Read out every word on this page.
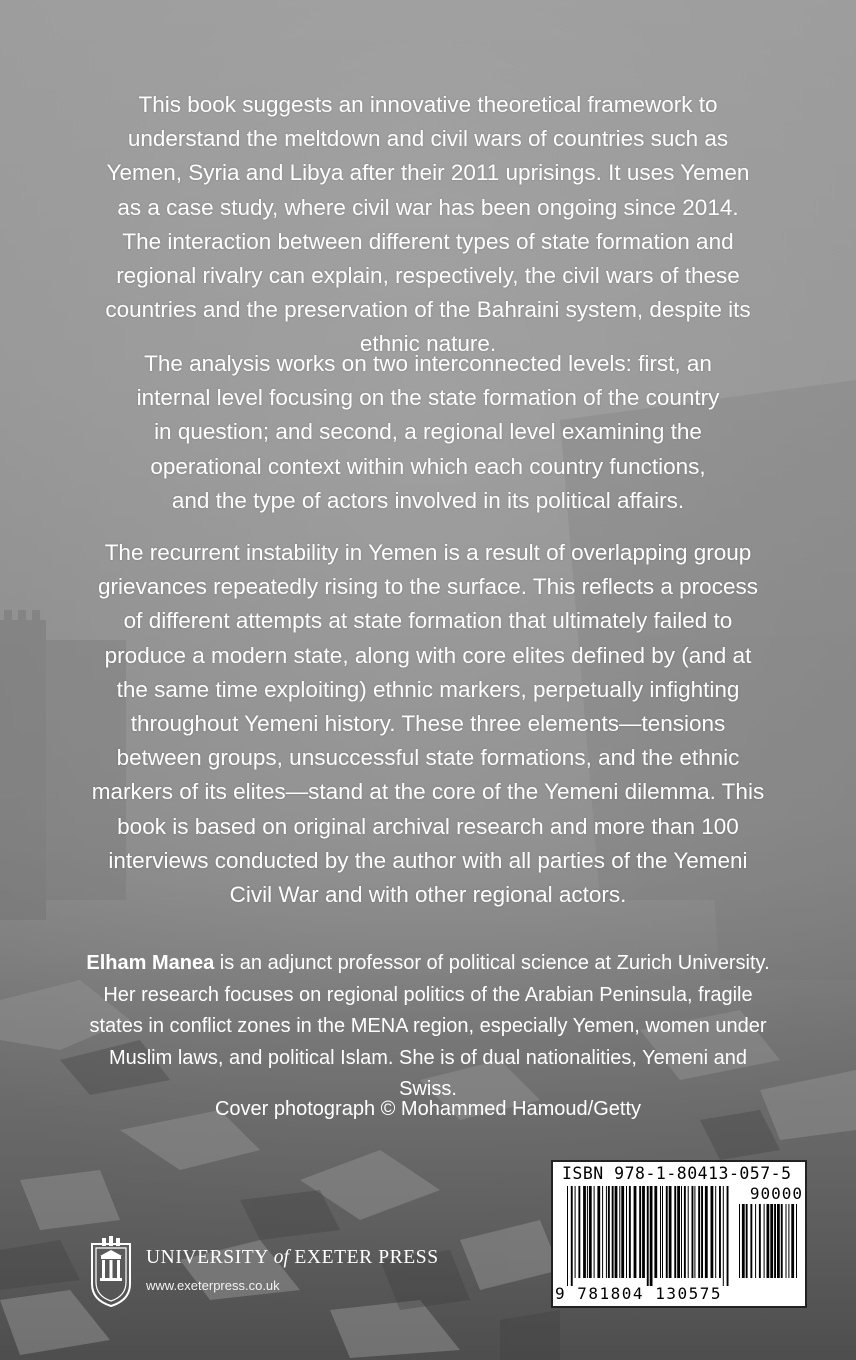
This book suggests an innovative theoretical framework to understand the meltdown and civil wars of countries such as Yemen, Syria and Libya after their 2011 uprisings. It uses Yemen as a case study, where civil war has been ongoing since 2014. The interaction between different types of state formation and regional rivalry can explain, respectively, the civil wars of these countries and the preservation of the Bahraini system, despite its ethnic nature.

The analysis works on two interconnected levels: first, an internal level focusing on the state formation of the country in question; and second, a regional level examining the operational context within which each country functions, and the type of actors involved in its political affairs.

The recurrent instability in Yemen is a result of overlapping group grievances repeatedly rising to the surface. This reflects a process of different attempts at state formation that ultimately failed to produce a modern state, along with core elites defined by (and at the same time exploiting) ethnic markers, perpetually infighting throughout Yemeni history. These three elements—tensions between groups, unsuccessful state formations, and the ethnic markers of its elites—stand at the core of the Yemeni dilemma. This book is based on original archival research and more than 100 interviews conducted by the author with all parties of the Yemeni Civil War and with other regional actors.

Elham Manea is an adjunct professor of political science at Zurich University. Her research focuses on regional politics of the Arabian Peninsula, fragile states in conflict zones in the MENA region, especially Yemen, women under Muslim laws, and political Islam. She is of dual nationalities, Yemeni and Swiss.

Cover photograph © Mohammed Hamoud/Getty

UNIVERSITY of EXETER PRESS
www.exeterpress.co.uk
ISBN 978-1-80413-057-5
90000
9 781804 130575
